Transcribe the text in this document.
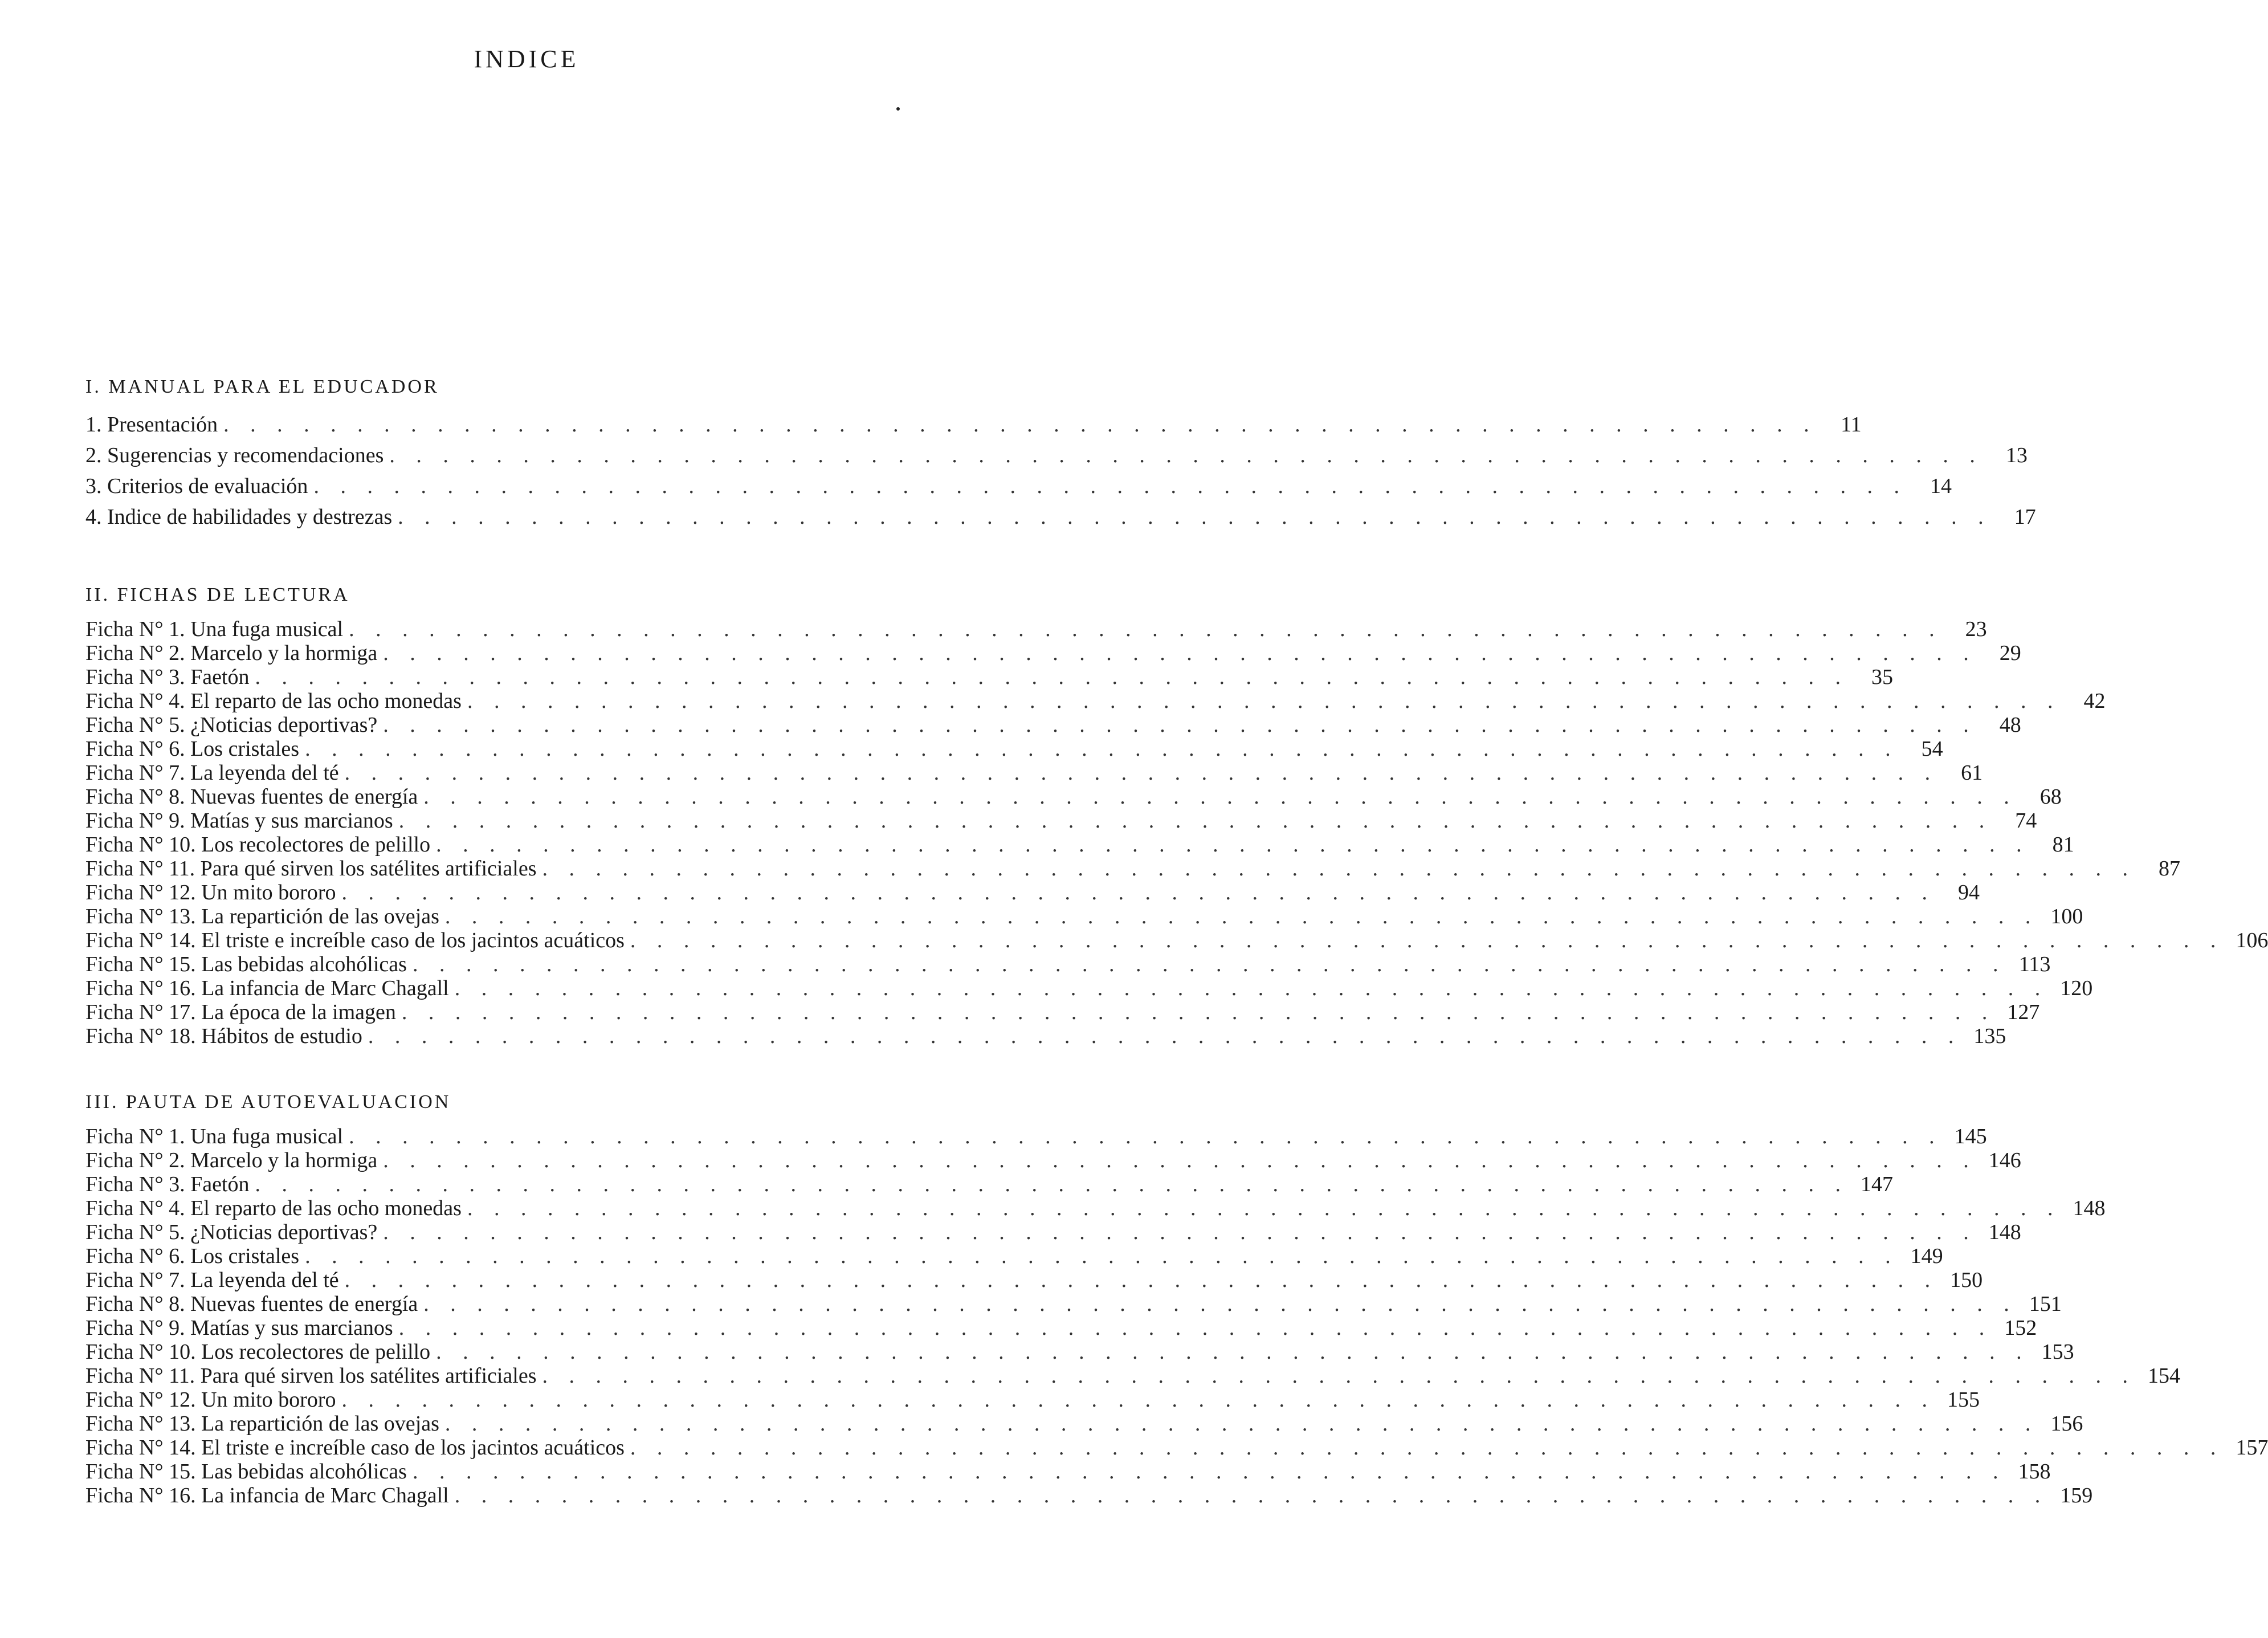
INDICE
I. MANUAL PARA EL EDUCADOR
1. Presentación . . . . . . . . . . . . . . . . . . . . . . . . . . . . . . . . . . . . . . . . . . . . . . . . . . . . . . . . . . . .	11
2. Sugerencias y recomendaciones . . . . . . . . . . . . . . . . . . . . . . . . . . . . . . . . . . . . . . . . . . . . . . . . . . . . . . . . . . . .	13
3. Criterios de evaluación . . . . . . . . . . . . . . . . . . . . . . . . . . . . . . . . . . . . . . . . . . . . . . . . . . . . . . . . . . . .	14
4. Indice de habilidades y destrezas . . . . . . . . . . . . . . . . . . . . . . . . . . . . . . . . . . . . . . . . . . . . . . . . . . . . . . . . . . . .	17
II. FICHAS DE LECTURA
Ficha N° 1. Una fuga musical . . . . . . . . . . . . . . . . . . . . . . . . . . . . . . . . . . . . . . . . . . . . . . . . . . . . . . . . . . . .	23
Ficha N° 2. Marcelo y la hormiga . . . . . . . . . . . . . . . . . . . . . . . . . . . . . . . . . . . . . . . . . . . . . . . . . . . . . . . . . . . .	29
Ficha N° 3. Faetón . . . . . . . . . . . . . . . . . . . . . . . . . . . . . . . . . . . . . . . . . . . . . . . . . . . . . . . . . . . .	35
Ficha N° 4. El reparto de las ocho monedas . . . . . . . . . . . . . . . . . . . . . . . . . . . . . . . . . . . . . . . . . . . . . . . . . . . . . . . . . . . .	42
Ficha N° 5. ¿Noticias deportivas? . . . . . . . . . . . . . . . . . . . . . . . . . . . . . . . . . . . . . . . . . . . . . . . . . . . . . . . . . . . .	48
Ficha N° 6. Los cristales . . . . . . . . . . . . . . . . . . . . . . . . . . . . . . . . . . . . . . . . . . . . . . . . . . . . . . . . . . . .	54
Ficha N° 7. La leyenda del té . . . . . . . . . . . . . . . . . . . . . . . . . . . . . . . . . . . . . . . . . . . . . . . . . . . . . . . . . . . .	61
Ficha N° 8. Nuevas fuentes de energía . . . . . . . . . . . . . . . . . . . . . . . . . . . . . . . . . . . . . . . . . . . . . . . . . . . . . . . . . . . .	68
Ficha N° 9. Matías y sus marcianos . . . . . . . . . . . . . . . . . . . . . . . . . . . . . . . . . . . . . . . . . . . . . . . . . . . . . . . . . . . .	74
Ficha N° 10. Los recolectores de pelillo . . . . . . . . . . . . . . . . . . . . . . . . . . . . . . . . . . . . . . . . . . . . . . . . . . . . . . . . . . . .	81
Ficha N° 11. Para qué sirven los satélites artificiales . . . . . . . . . . . . . . . . . . . . . . . . . . . . . . . . . . . . . . . . . . . . . . . . . . . . . . . . . . . .	87
Ficha N° 12. Un mito bororo . . . . . . . . . . . . . . . . . . . . . . . . . . . . . . . . . . . . . . . . . . . . . . . . . . . . . . . . . . . .	94
Ficha N° 13. La repartición de las ovejas . . . . . . . . . . . . . . . . . . . . . . . . . . . . . . . . . . . . . . . . . . . . . . . . . . . . . . . . . . . . 100
Ficha N° 14. El triste e increíble caso de los jacintos acuáticos . . . . . . . . . . . . . . . . . . . . . . . . . . . . . . . . . . . . . . . . . . . . . . . . . . . . . . . . . . . . 106
Ficha N° 15. Las bebidas alcohólicas . . . . . . . . . . . . . . . . . . . . . . . . . . . . . . . . . . . . . . . . . . . . . . . . . . . . . . . . . . . . 113
Ficha N° 16. La infancia de Marc Chagall . . . . . . . . . . . . . . . . . . . . . . . . . . . . . . . . . . . . . . . . . . . . . . . . . . . . . . . . . . . . 120
Ficha N° 17. La época de la imagen . . . . . . . . . . . . . . . . . . . . . . . . . . . . . . . . . . . . . . . . . . . . . . . . . . . . . . . . . . . . 127
Ficha N° 18. Hábitos de estudio . . . . . . . . . . . . . . . . . . . . . . . . . . . . . . . . . . . . . . . . . . . . . . . . . . . . . . . . . . . . 135
III. PAUTA DE AUTOEVALUACION
Ficha N° 1. Una fuga musical . . . . . . . . . . . . . . . . . . . . . . . . . . . . . . . . . . . . . . . . . . . . . . . . . . . . . . . . . . . . 145
Ficha N° 2. Marcelo y la hormiga . . . . . . . . . . . . . . . . . . . . . . . . . . . . . . . . . . . . . . . . . . . . . . . . . . . . . . . . . . . . 146
Ficha N° 3. Faetón . . . . . . . . . . . . . . . . . . . . . . . . . . . . . . . . . . . . . . . . . . . . . . . . . . . . . . . . . . . . 147
Ficha N° 4. El reparto de las ocho monedas . . . . . . . . . . . . . . . . . . . . . . . . . . . . . . . . . . . . . . . . . . . . . . . . . . . . . . . . . . . . 148
Ficha N° 5. ¿Noticias deportivas? . . . . . . . . . . . . . . . . . . . . . . . . . . . . . . . . . . . . . . . . . . . . . . . . . . . . . . . . . . . . 148
Ficha N° 6. Los cristales . . . . . . . . . . . . . . . . . . . . . . . . . . . . . . . . . . . . . . . . . . . . . . . . . . . . . . . . . . . . 149
Ficha N° 7. La leyenda del té . . . . . . . . . . . . . . . . . . . . . . . . . . . . . . . . . . . . . . . . . . . . . . . . . . . . . . . . . . . . 150
Ficha N° 8. Nuevas fuentes de energía . . . . . . . . . . . . . . . . . . . . . . . . . . . . . . . . . . . . . . . . . . . . . . . . . . . . . . . . . . . . 151
Ficha N° 9. Matías y sus marcianos . . . . . . . . . . . . . . . . . . . . . . . . . . . . . . . . . . . . . . . . . . . . . . . . . . . . . . . . . . . . 152
Ficha N° 10. Los recolectores de pelillo . . . . . . . . . . . . . . . . . . . . . . . . . . . . . . . . . . . . . . . . . . . . . . . . . . . . . . . . . . . . 153
Ficha N° 11. Para qué sirven los satélites artificiales . . . . . . . . . . . . . . . . . . . . . . . . . . . . . . . . . . . . . . . . . . . . . . . . . . . . . . . . . . . . 154
Ficha N° 12. Un mito bororo . . . . . . . . . . . . . . . . . . . . . . . . . . . . . . . . . . . . . . . . . . . . . . . . . . . . . . . . . . . . 155
Ficha N° 13. La repartición de las ovejas . . . . . . . . . . . . . . . . . . . . . . . . . . . . . . . . . . . . . . . . . . . . . . . . . . . . . . . . . . . . 156
Ficha N° 14. El triste e increíble caso de los jacintos acuáticos . . . . . . . . . . . . . . . . . . . . . . . . . . . . . . . . . . . . . . . . . . . . . . . . . . . . . . . . . . . . 157
Ficha N° 15. Las bebidas alcohólicas . . . . . . . . . . . . . . . . . . . . . . . . . . . . . . . . . . . . . . . . . . . . . . . . . . . . . . . . . . . . 158
Ficha N° 16. La infancia de Marc Chagall . . . . . . . . . . . . . . . . . . . . . . . . . . . . . . . . . . . . . . . . . . . . . . . . . . . . . . . . . . . . 159
